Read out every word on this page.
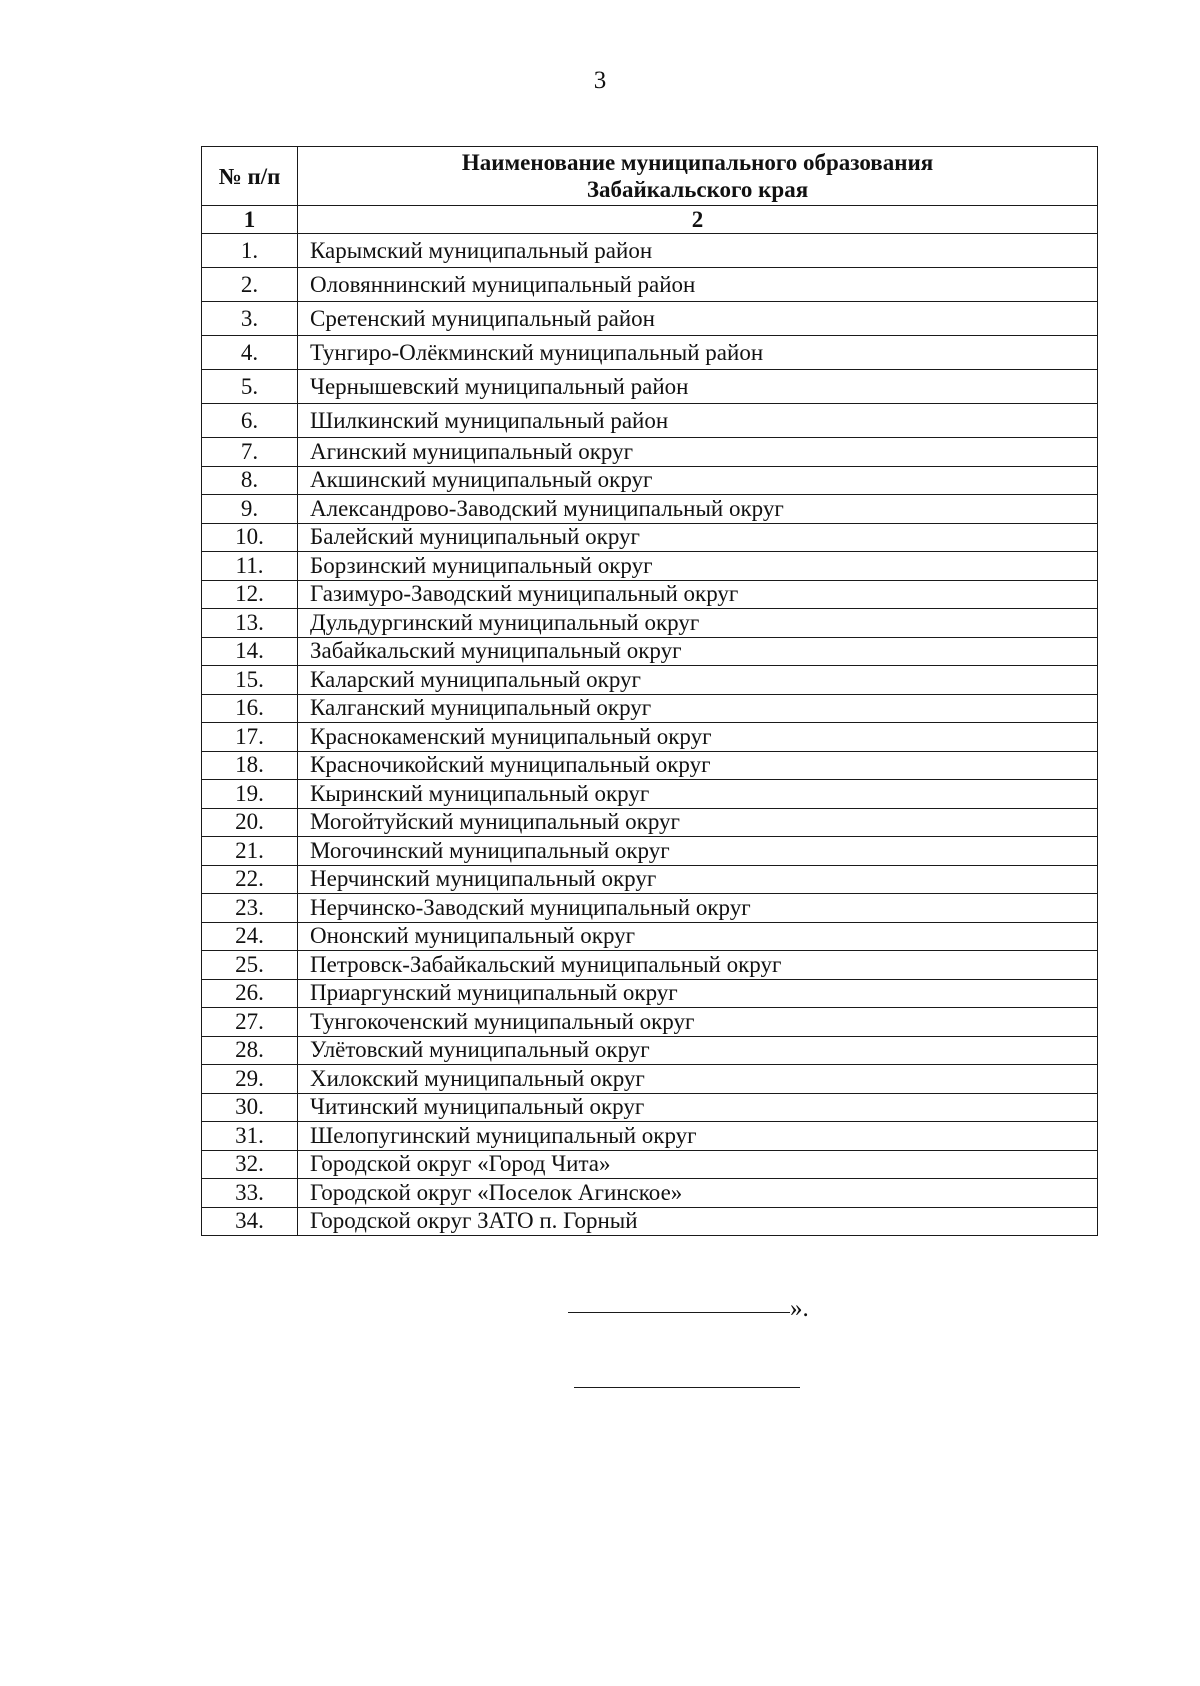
3
№ п/п	Наименование муниципального образования
Забайкальского края

1	2
1.	Карымский муниципальный район
2.	Оловяннинский муниципальный район
3.	Сретенский муниципальный район
4.	Тунгиро-Олёкминский муниципальный район
5.	Чернышевский муниципальный район
6.	Шилкинский муниципальный район
7.	Агинский муниципальный округ
8.	Акшинский муниципальный округ
9.	Александрово-Заводский муниципальный округ
10.	Балейский муниципальный округ
11.	Борзинский муниципальный округ
12.	Газимуро-Заводский муниципальный округ
13.	Дульдургинский муниципальный округ
14.	Забайкальский муниципальный округ
15.	Каларский муниципальный округ
16.	Калганский муниципальный округ
17.	Краснокаменский муниципальный округ
18.	Красночикойский муниципальный округ
19.	Кыринский муниципальный округ
20.	Могойтуйский муниципальный округ
21.	Могочинский муниципальный округ
22.	Нерчинский муниципальный округ
23.	Нерчинско-Заводский муниципальный округ
24.	Ононский муниципальный округ
25.	Петровск-Забайкальский муниципальный округ
26.	Приаргунский муниципальный округ
27.	Тунгокоченский муниципальный округ
28.	Улётовский муниципальный округ
29.	Хилокский муниципальный округ
30.	Читинский муниципальный округ
31.	Шелопугинский муниципальный округ
32.	Городской округ «Город Чита»
33.	Городской округ «Поселок Агинское»
34.	Городской округ ЗАТО п. Горный
».
